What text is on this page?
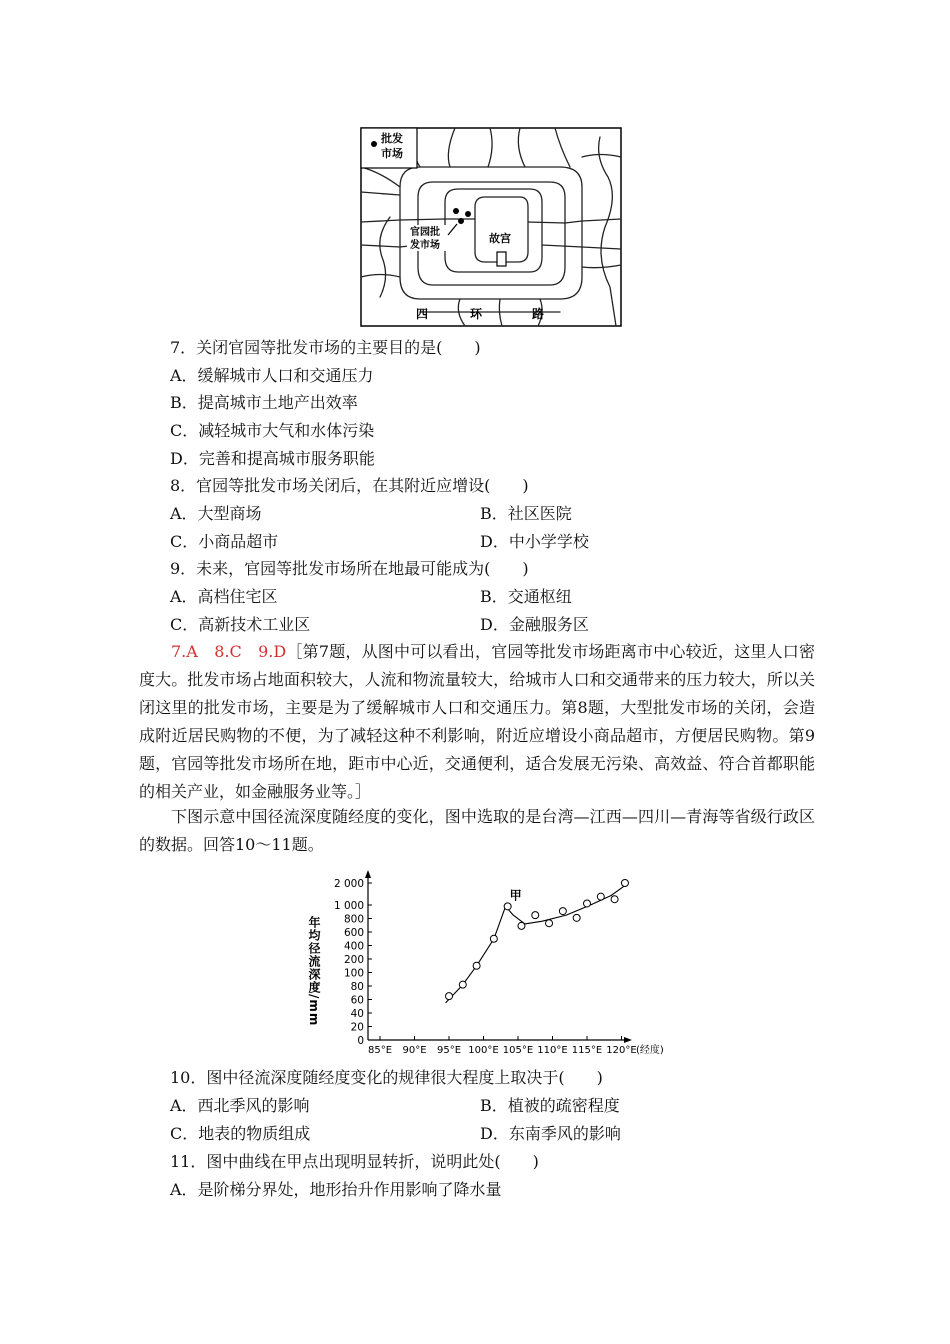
批发
市场
官园批
发市场
故宫
四	环	路
7．关闭官园等批发市场的主要目的是(　　)
A．缓解城市人口和交通压力
B．提高城市土地产出效率
C．减轻城市大气和水体污染
D．完善和提高城市服务职能
8．官园等批发市场关闭后，在其附近应增设(　　)
A．大型商场	B．社区医院
C．小商品超市	D．中小学学校
9．未来，官园等批发市场所在地最可能成为(　　)
A．高档住宅区	B．交通枢纽
C．高新技术工业区	D．金融服务区
7.A　8.C　9.D［第7题，从图中可以看出，官园等批发市场距离市中心较近，这里人口密度大。批发市场占地面积较大，人流和物流量较大，给城市人口和交通带来的压力较大，所以关闭这里的批发市场，主要是为了缓解城市人口和交通压力。第8题，大型批发市场的关闭，会造成附近居民购物的不便，为了减轻这种不利影响，附近应增设小商品超市，方便居民购物。第9题，官园等批发市场所在地，距市中心近，交通便利，适合发展无污染、高效益、符合首都职能的相关产业，如金融服务业等。］
下图示意中国径流深度随经度的变化，图中选取的是台湾—江西—四川—青海等省级行政区的数据。回答10～11题。
0
20
40
60
80
100
200
400
600
800
1 000
2 000
85°E 90°E 95°E 100°E 105°E 110°E 115°E 120°E (经度)
年均径流深度/mm
甲
10．图中径流深度随经度变化的规律很大程度上取决于(　　)
A．西北季风的影响	B．植被的疏密程度
C．地表的物质组成	D．东南季风的影响
11．图中曲线在甲点出现明显转折，说明此处(　　)
A．是阶梯分界处，地形抬升作用影响了降水量
